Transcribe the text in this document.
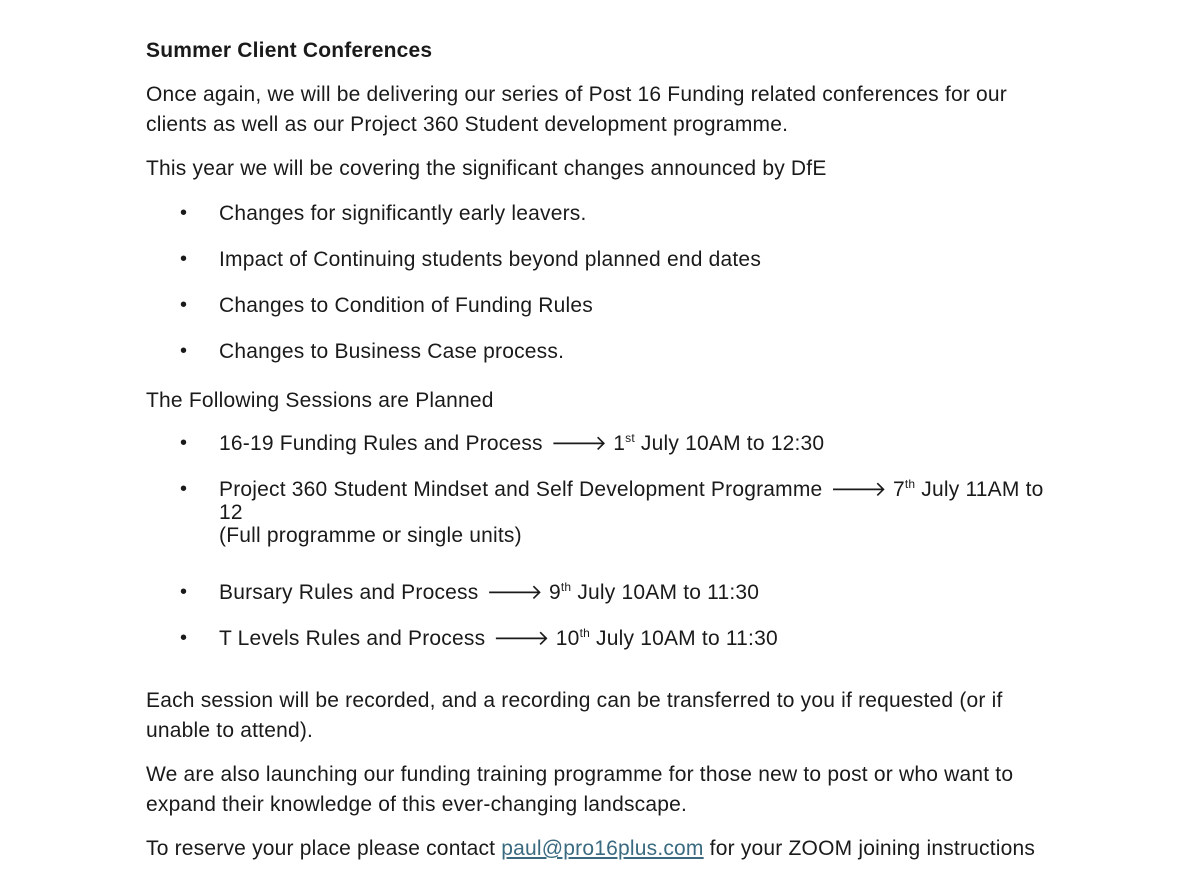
Summer Client Conferences

Once again, we will be delivering our series of Post 16 Funding related conferences for our clients as well as our Project 360 Student development programme.

This year we will be covering the significant changes announced by DfE

• Changes for significantly early leavers.
• Impact of Continuing students beyond planned end dates
• Changes to Condition of Funding Rules
• Changes to Business Case process.

The Following Sessions are Planned

• 16-19 Funding Rules and Process 🡒 1st July 10AM to 12:30
• Project 360 Student Mindset and Self Development Programme 🡒 7th July 11AM to 12
(Full programme or single units)
• Bursary Rules and Process 🡒 9th July 10AM to 11:30
• T Levels Rules and Process 🡒 10th July 10AM to 11:30

Each session will be recorded, and a recording can be transferred to you if requested (or if unable to attend).

We are also launching our funding training programme for those new to post or who want to expand their knowledge of this ever-changing landscape.

To reserve your place please contact paul@pro16plus.com for your ZOOM joining instructions
